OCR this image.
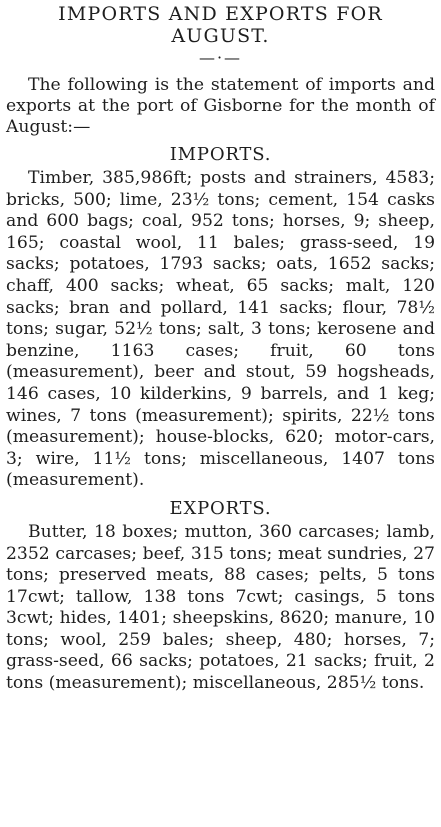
IMPORTS AND EXPORTS FOR
AUGUST.
—·—

The following is the statement of imports and exports at the port of Gisborne for the month of August:—

IMPORTS.

Timber, 385,986ft; posts and strainers, 4583; bricks, 500; lime, 23½ tons; cement, 154 casks and 600 bags; coal, 952 tons; horses, 9; sheep, 165; coastal wool, 11 bales; grass-seed, 19 sacks; potatoes, 1793 sacks; oats, 1652 sacks; chaff, 400 sacks; wheat, 65 sacks; malt, 120 sacks; bran and pollard, 141 sacks; flour, 78½ tons; sugar, 52½ tons; salt, 3 tons; kerosene and benzine, 1163 cases; fruit, 60 tons (measurement), beer and stout, 59 hogsheads, 146 cases, 10 kilderkins, 9 barrels, and 1 keg; wines, 7 tons (measurement); spirits, 22½ tons (measurement); house-blocks, 620; motor-cars, 3; wire, 11½ tons; miscellaneous, 1407 tons (measurement).

EXPORTS.

Butter, 18 boxes; mutton, 360 carcases; lamb, 2352 carcases; beef, 315 tons; meat sundries, 27 tons; preserved meats, 88 cases; pelts, 5 tons 17cwt; tallow, 138 tons 7cwt; casings, 5 tons 3cwt; hides, 1401; sheepskins, 8620; manure, 10 tons; wool, 259 bales; sheep, 480; horses, 7; grass-seed, 66 sacks; potatoes, 21 sacks; fruit, 2 tons (measurement); miscellaneous, 285½ tons.
